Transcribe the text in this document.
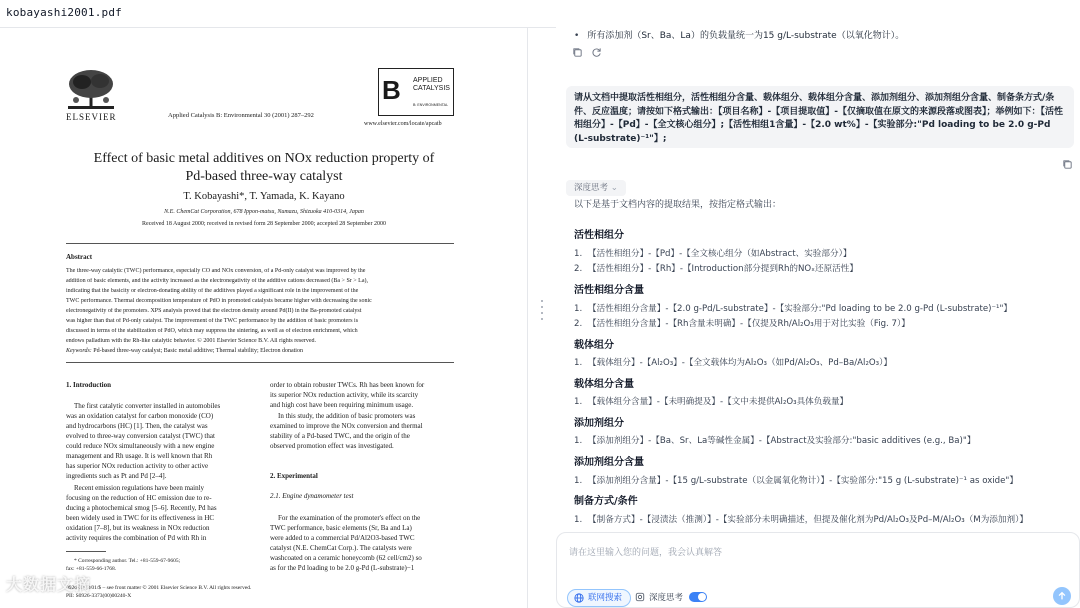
kobayashi2001.pdf
ELSEVIER	Applied Catalysis B: Environmental 30 (2001) 287–292
B APPLIED CATALYSIS
B: ENVIRONMENTAL
www.elsevier.com/locate/apcatb
Effect of basic metal additives on NOx reduction property of
Pd-based three-way catalyst
T. Kobayashi*, T. Yamada, K. Kayano
N.E. ChemCat Corporation, 678 Ippon-matsu, Numazu, Shizuoka 410-0314, Japan
Received 18 August 2000; received in revised form 28 September 2000; accepted 28 September 2000
Abstract
The three-way catalytic (TWC) performance, especially CO and NOx conversion, of a Pd-only catalyst was improved by the
addition of basic elements, and the activity increased as the electronegativity of the additive cations decreased (Ba > Sr > La),
indicating that the basicity or electron-donating ability of the additives played a significant role in the improvement of the
TWC performance. Thermal decomposition temperature of PdO in promoted catalysts became higher with decreasing the sonic
electronegativity of the promoters. XPS analysis proved that the electron density around Pd(II) in the Ba-promoted catalyst
was higher than that of Pd-only catalyst. The improvement of the TWC performance by the addition of basic promoters is
discussed in terms of the stabilization of PdO, which may suppress the sintering, as well as of electron enrichment, which
endows palladium with the Rh-like catalytic behavior. © 2001 Elsevier Science B.V. All rights reserved.
Keywords: Pd-based three-way catalyst; Basic metal additive; Thermal stability; Electron donation
1. Introduction
The first catalytic converter installed in automobiles
was an oxidation catalyst for carbon monoxide (CO)
and hydrocarbons (HC) [1]. Then, the catalyst was
evolved to three-way conversion catalyst (TWC) that
could reduce NOx simultaneously with a new engine
management and Rh usage. It is well known that Rh
has superior NOx reduction activity to other active
ingredients such as Pt and Pd [2–4].
Recent emission regulations have been mainly
focusing on the reduction of HC emission due to re-
ducing a photochemical smog [5–6]. Recently, Pd has
been widely used in TWC for its effectiveness in HC
oxidation [7–8], but its weakness in NOx reduction
activity requires the combination of Pd with Rh in
order to obtain robuster TWCs. Rh has been known for
its superior NOx reduction activity, while its scarcity
and high cost have been requiring minimum usage.
In this study, the addition of basic promoters was
examined to improve the NOx conversion and thermal
stability of a Pd-based TWC, and the origin of the
observed promotion effect was investigated.
2. Experimental
2.1. Engine dynamometer test
For the examination of the promoter's effect on the
TWC performance, basic elements (Sr, Ba and La)
were added to a commercial Pd/Al2O3-based TWC
catalyst (N.E. ChemCat Corp.). The catalysts were
washcoated on a ceramic honeycomb (62 cell/cm2) so
as for the Pd loading to be 2.0 g-Pd (L-substrate)−1
* Corresponding author. Tel.: +81-559-67-9605;
fax: +81-559-66-1768.
0926-3373/01/$ – see front matter © 2001 Elsevier Science B.V. All rights reserved.
PII: S0926-3373(00)00240-X
• 所有添加剂（Sr、Ba、La）的负载量统一为15 g/L-substrate（以氧化物计）。
请从文档中提取活性相组分，活性相组分含量、载体组分、载体组分含量、添加剂组分、添加剂组分含量、制备条方式/条件、反应温度；请按如下格式输出：【项目名称】-【项目提取值】-【仅摘取值在原文的来源段落或图表】；举例如下：【活性相组分】-【Pd】-【全文核心组分】;【活性相组1含量】-【2.0 wt%】-【实验部分:"Pd loading to be 2.0 g-Pd (L-substrate)⁻¹"】;
深度思考 ⌄
以下是基于文档内容的提取结果，按指定格式输出：
活性相组分
1. 【活性相组分】-【Pd】-【全文核心组分（如Abstract、实验部分）】
2. 【活性相组分】-【Rh】-【Introduction部分提到Rh的NOₓ还原活性】
活性相组分含量
1. 【活性相组分含量】-【2.0 g-Pd/L-substrate】-【实验部分:"Pd loading to be 2.0 g-Pd (L-substrate)⁻¹"】
2. 【活性相组分含量】-【Rh含量未明确】-【仅提及Rh/Al₂O₃用于对比实验（Fig. 7）】
载体组分
1. 【载体组分】-【Al₂O₃】-【全文载体均为Al₂O₃（如Pd/Al₂O₃、Pd–Ba/Al₂O₃）】
载体组分含量
1. 【载体组分含量】-【未明确提及】-【文中未提供Al₂O₃具体负载量】
添加剂组分
1. 【添加剂组分】-【Ba、Sr、La等碱性金属】-【Abstract及实验部分:"basic additives (e.g., Ba)"】
添加剂组分含量
1. 【添加剂组分含量】-【15 g/L-substrate（以金属氧化物计）】-【实验部分:"15 g (L-substrate)⁻¹ as oxide"】
制备方式/条件
1. 【制备方式】-【浸渍法（推测）】-【实验部分未明确描述，但提及催化剂为Pd/Al₂O₃及Pd–M/Al₂O₃（M为添加剂）】
请在这里输入您的问题，我会认真解答
联网搜索	深度思考
大数据文摘
